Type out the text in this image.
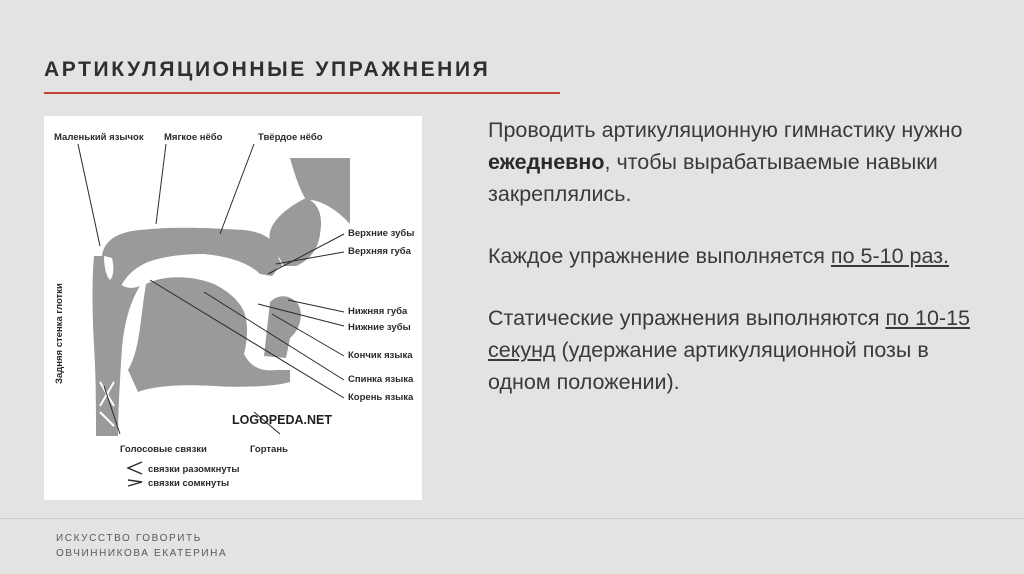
АРТИКУЛЯЦИОННЫЕ УПРАЖНЕНИЯ
Задняя стенка глотки
Маленький язычок Мягкое нёбо	Твёрдое нёбо
Верхние зубы
Верхняя губа
Нижняя губа
Нижние зубы
Кончик языка
Спинка языка
Корень языка
LOGOPEDA.NET
Голосовые связки	Гортань
связки разомкнуты
связки сомкнуты

Проводить артикуляционную гимнастику нужно ежедневно, чтобы вырабатываемые навыки закреплялись.

Каждое упражнение выполняется по 5-10 раз.

Статические упражнения выполняются по 10-15 секунд (удержание артикуляционной позы в одном положении).

ИСКУССТВО ГОВОРИТЬ
ОВЧИННИКОВА ЕКАТЕРИНА
